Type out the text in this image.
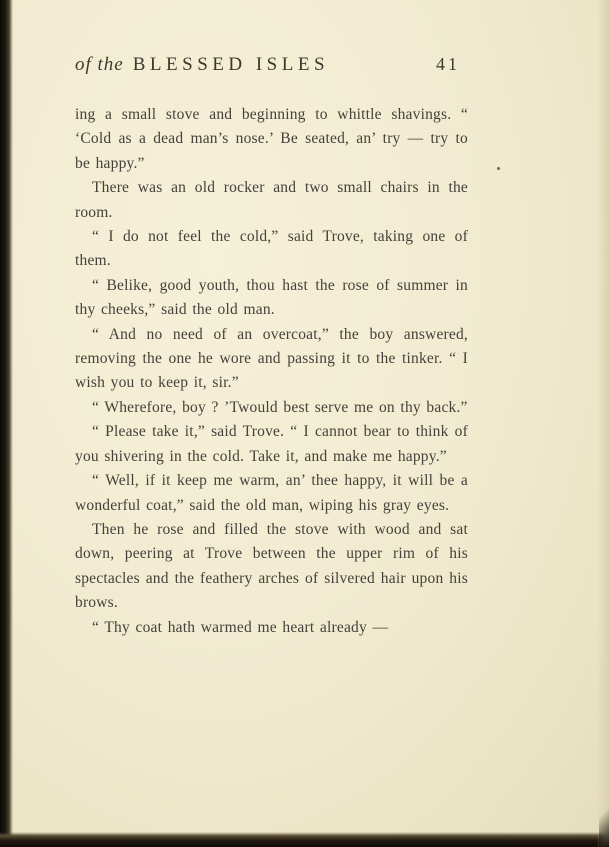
of the BLESSED ISLES	41

ing a small stove and beginning to whittle shavings. “ ‘Cold as a dead man’s nose.’ Be seated, an’ try — try to be happy.”

There was an old rocker and two small chairs in the room.

“ I do not feel the cold,” said Trove, taking one of them.

“ Belike, good youth, thou hast the rose of summer in thy cheeks,” said the old man.

“ And no need of an overcoat,” the boy answered, removing the one he wore and passing it to the tinker. “ I wish you to keep it, sir.”

“ Wherefore, boy ? ’Twould best serve me on thy back.”

“ Please take it,” said Trove. “ I cannot bear to think of you shivering in the cold. Take it, and make me happy.”

“ Well, if it keep me warm, an’ thee happy, it will be a wonderful coat,” said the old man, wiping his gray eyes.

Then he rose and filled the stove with wood and sat down, peering at Trove between the upper rim of his spectacles and the feathery arches of silvered hair upon his brows.

“ Thy coat hath warmed me heart already —
